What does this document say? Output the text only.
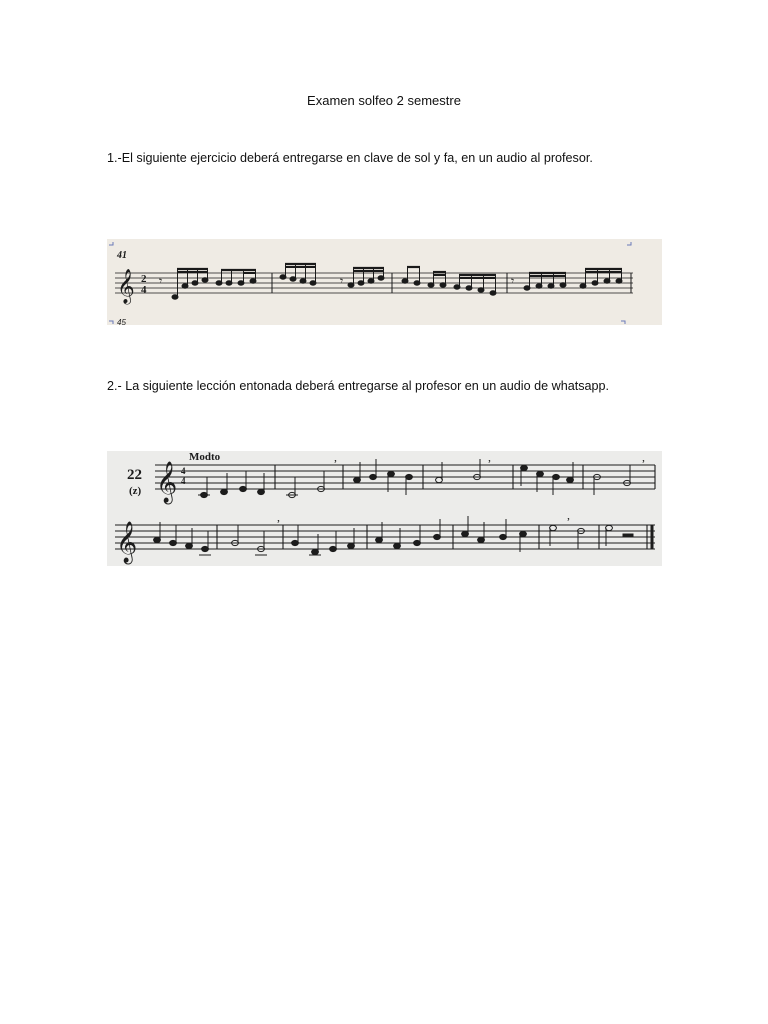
Examen solfeo 2 semestre
1.-El siguiente ejercicio deberá entregarse en clave de sol y fa, en un audio al profesor.
41
45
𝄞 2
4
𝄾	𝄾	𝄾
2.- La siguiente lección entonada deberá entregarse al profesor en un audio de whatsapp.
Modto
22
(z) 𝄞 4
4
,	,	,
𝄞
,	,
